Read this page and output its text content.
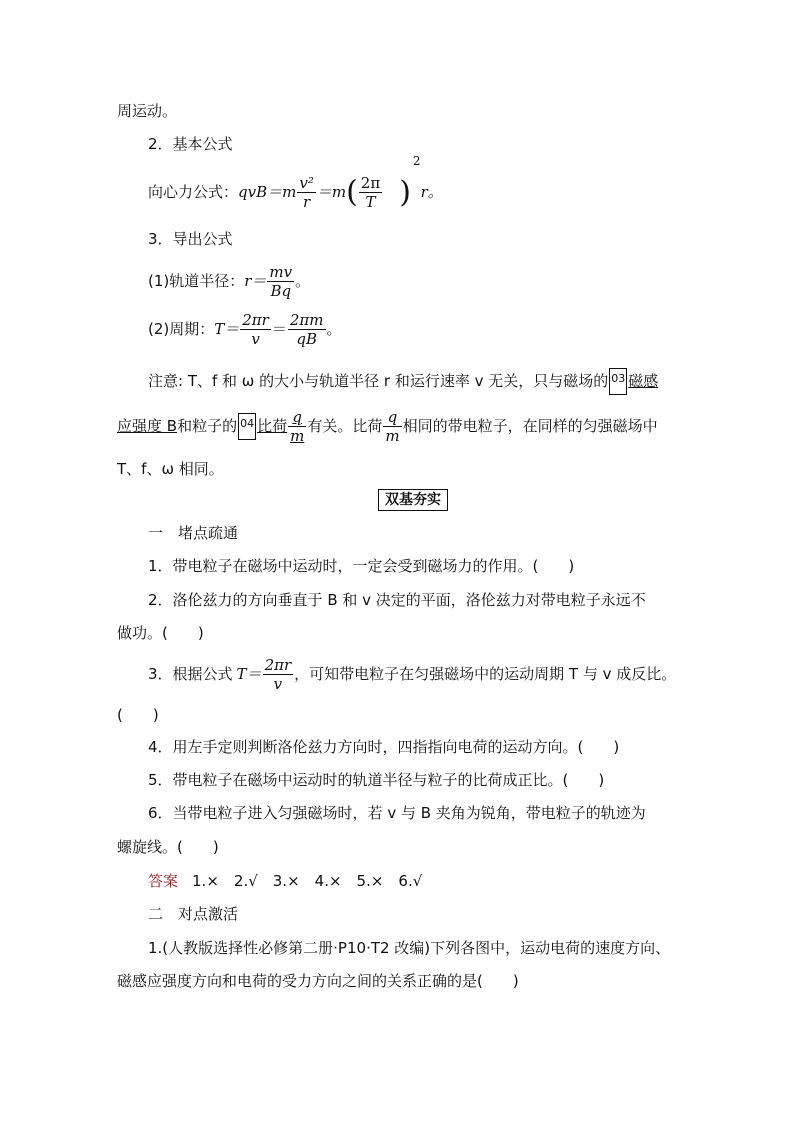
周运动。
2．基本公式
向心力公式：$qvB=m \frac{\text{v²}}{r} =m( \frac{2\pi}{T} )^2r$。
3．导出公式
(1)轨道半径：$r= \frac{mv}{Bq}$ 。
(2)周期：$T= \frac{2\pi r}{v} = \frac{2\pi m}{qB}$ 。
注意: T、f 和 ω 的大小与轨道半径 r 和运行速率 v 无关，只与磁场的 03 磁感
应强度 B和粒子的 04 比荷 $\frac{q}{m}$ 有关。比荷 $\frac{q}{m}$ 相同的带电粒子，在同样的匀强磁场中
T、f、ω 相同。
双基夯实
一　堵点疏通
1．带电粒子在磁场中运动时，一定会受到磁场力的作用。(　　)
2．洛伦兹力的方向垂直于 B 和 v 决定的平面，洛伦兹力对带电粒子永远不
做功。(　　)
3．根据公式 $T= \frac{2\pi r}{v}$ ，可知带电粒子在匀强磁场中的运动周期 T 与 v 成反比。
(　　)
4．用左手定则判断洛伦兹力方向时，四指指向电荷的运动方向。(　　)
5．带电粒子在磁场中运动时的轨道半径与粒子的比荷成正比。(　　)
6．当带电粒子进入匀强磁场时，若 v 与 B 夹角为锐角，带电粒子的轨迹为
螺旋线。(　　)
答案 1.×　2.√　3.×　4.×　5.×　6.√
二　对点激活
1.(人教版选择性必修第二册·P10·T2 改编)下列各图中，运动电荷的速度方向、
磁感应强度方向和电荷的受力方向之间的关系正确的是(　　)
